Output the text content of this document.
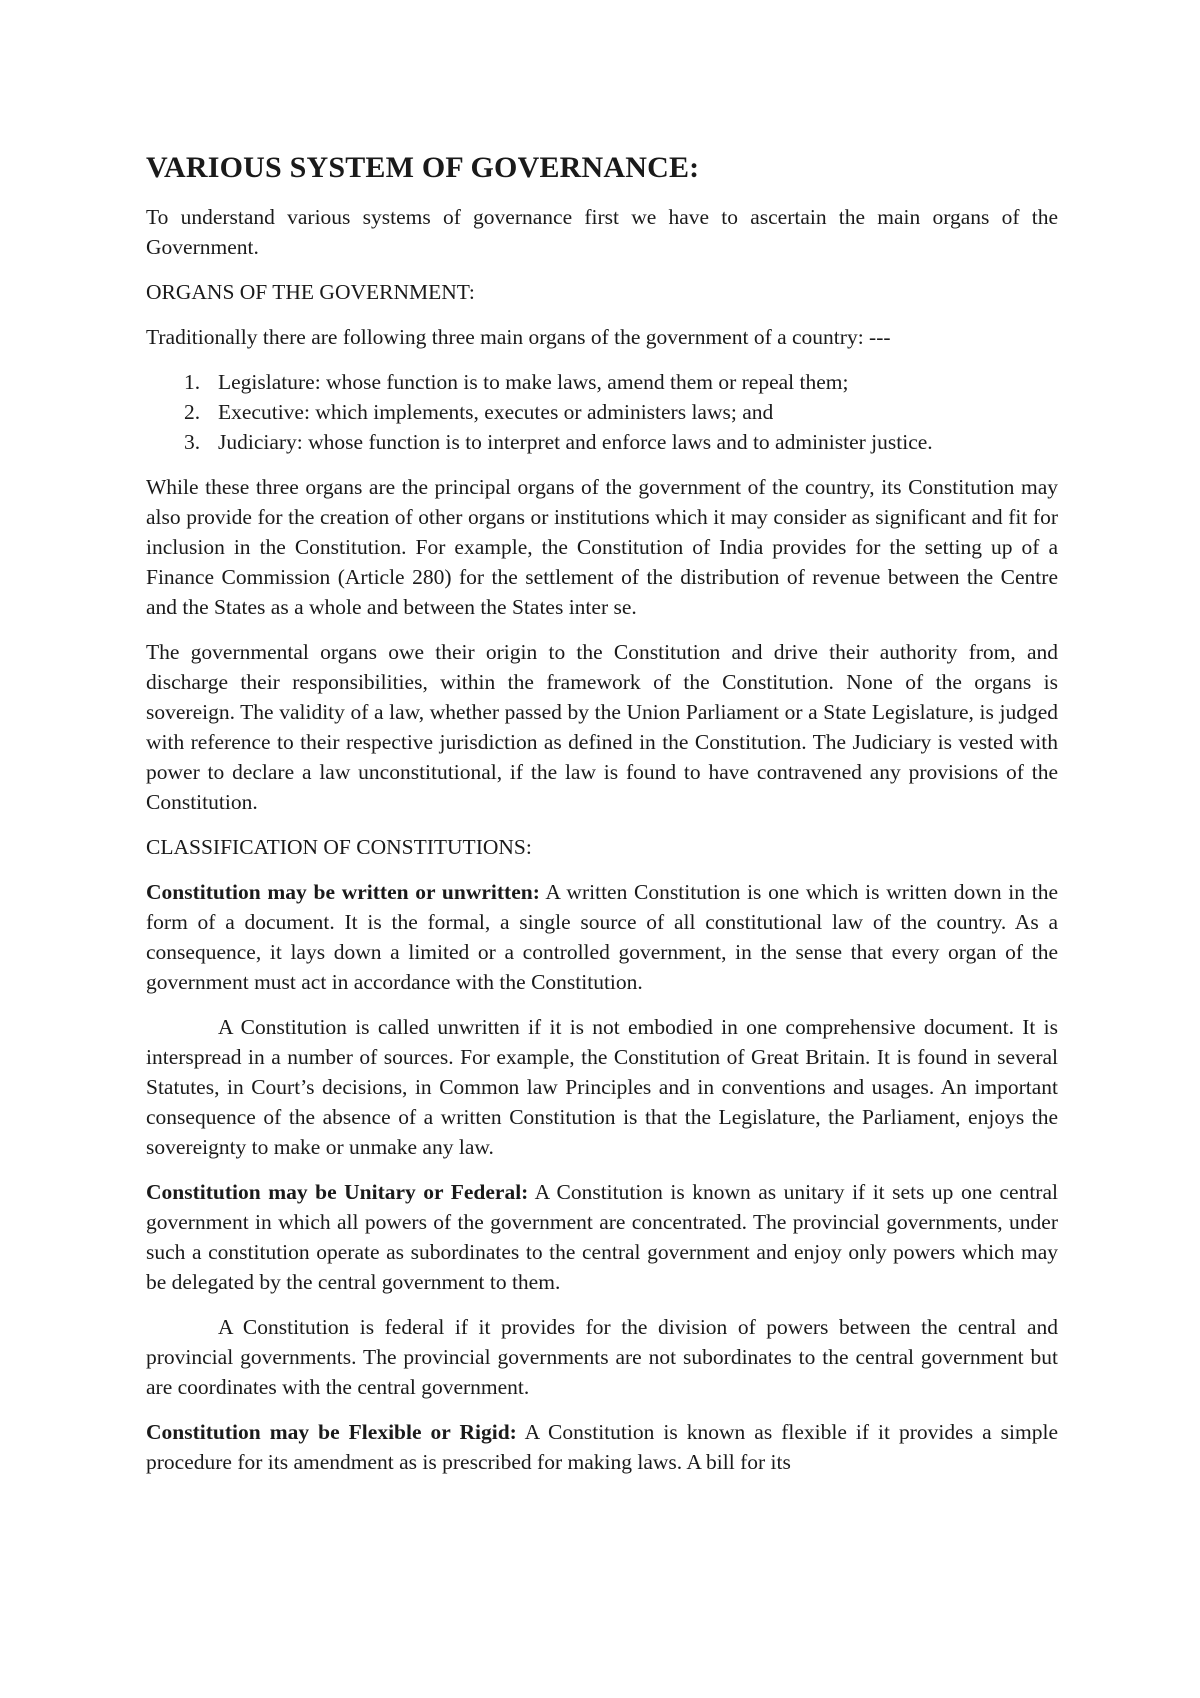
VARIOUS SYSTEM OF GOVERNANCE:

To understand various systems of governance first we have to ascertain the main organs of the Government.

ORGANS OF THE GOVERNMENT:

Traditionally there are following three main organs of the government of a country: ---

1. Legislature: whose function is to make laws, amend them or repeal them;
2. Executive: which implements, executes or administers laws; and
3. Judiciary: whose function is to interpret and enforce laws and to administer justice.

While these three organs are the principal organs of the government of the country, its Constitution may also provide for the creation of other organs or institutions which it may consider as significant and fit for inclusion in the Constitution. For example, the Constitution of India provides for the setting up of a Finance Commission (Article 280) for the settlement of the distribution of revenue between the Centre and the States as a whole and between the States inter se.

The governmental organs owe their origin to the Constitution and drive their authority from, and discharge their responsibilities, within the framework of the Constitution. None of the organs is sovereign. The validity of a law, whether passed by the Union Parliament or a State Legislature, is judged with reference to their respective jurisdiction as defined in the Constitution. The Judiciary is vested with power to declare a law unconstitutional, if the law is found to have contravened any provisions of the Constitution.

CLASSIFICATION OF CONSTITUTIONS:

Constitution may be written or unwritten: A written Constitution is one which is written down in the form of a document. It is the formal, a single source of all constitutional law of the country. As a consequence, it lays down a limited or a controlled government, in the sense that every organ of the government must act in accordance with the Constitution.

A Constitution is called unwritten if it is not embodied in one comprehensive document. It is interspread in a number of sources. For example, the Constitution of Great Britain. It is found in several Statutes, in Court’s decisions, in Common law Principles and in conventions and usages. An important consequence of the absence of a written Constitution is that the Legislature, the Parliament, enjoys the sovereignty to make or unmake any law.

Constitution may be Unitary or Federal: A Constitution is known as unitary if it sets up one central government in which all powers of the government are concentrated. The provincial governments, under such a constitution operate as subordinates to the central government and enjoy only powers which may be delegated by the central government to them.

A Constitution is federal if it provides for the division of powers between the central and provincial governments. The provincial governments are not subordinates to the central government but are coordinates with the central government.

Constitution may be Flexible or Rigid: A Constitution is known as flexible if it provides a simple procedure for its amendment as is prescribed for making laws. A bill for its
